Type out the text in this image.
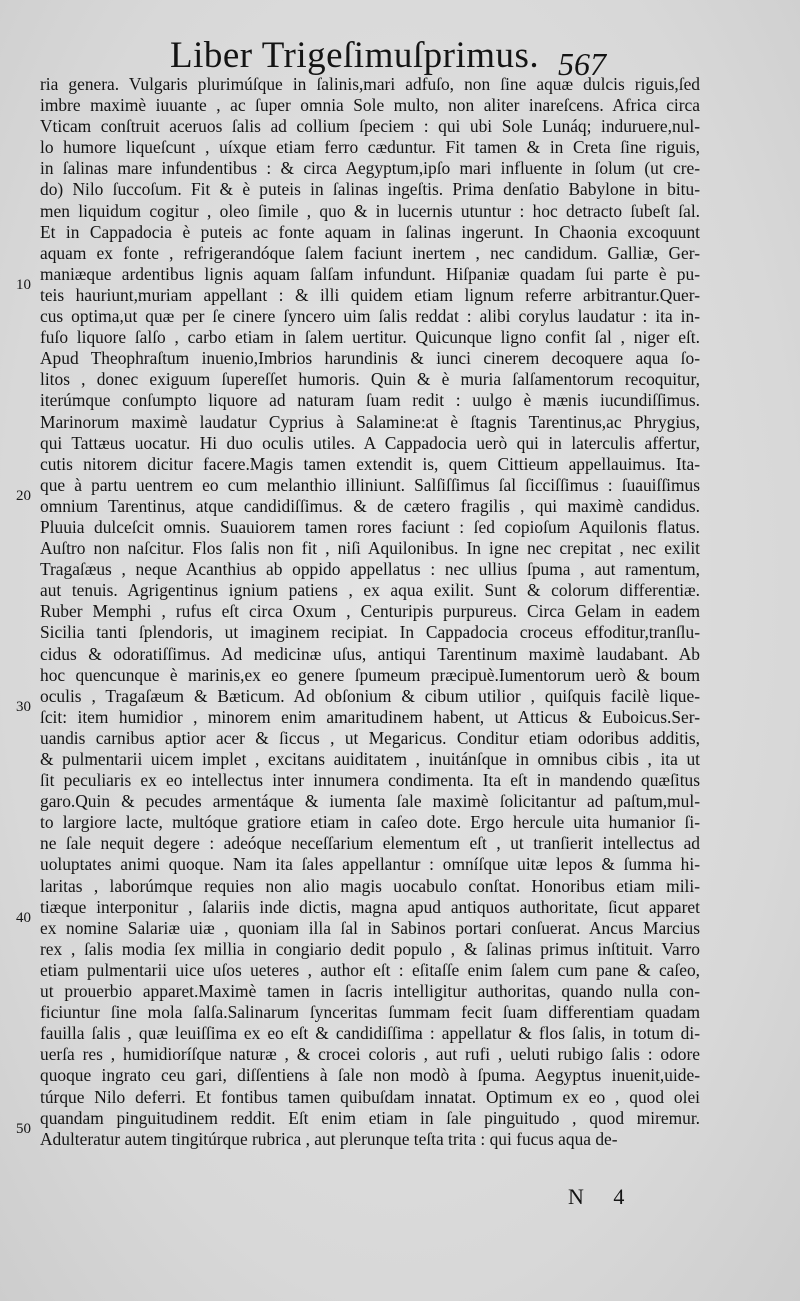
Liber Trigeſimuſprimus. 567
10
20
30
40
50
ria genera. Vulgaris plurimúſque in ſalinis,mari adfuſo, non ſine aquæ dulcis riguis,ſed
imbre maximè iuuante , ac ſuper omnia Sole multo, non aliter inareſcens. Africa circa
Vticam conſtruit aceruos ſalis ad collium ſpeciem : qui ubi Sole Lunáq; induruere,nul-
lo humore liqueſcunt , uíxque etiam ferro cæduntur. Fit tamen & in Creta ſine riguis,
in ſalinas mare infundentibus : & circa Aegyptum,ipſo mari influente in ſolum (ut cre-
do) Nilo ſuccoſum. Fit & è puteis in ſalinas ingeſtis. Prima denſatio Babylone in bitu-
men liquidum cogitur , oleo ſimile , quo & in lucernis utuntur : hoc detracto ſubeſt ſal.
Et in Cappadocia è puteis ac fonte aquam in ſalinas ingerunt. In Chaonia excoquunt
aquam ex fonte , refrigerandóque ſalem faciunt inertem , nec candidum. Galliæ, Ger-
maniæque ardentibus lignis aquam ſalſam infundunt. Hiſpaniæ quadam ſui parte è pu-
teis hauriunt,muriam appellant : & illi quidem etiam lignum referre arbitrantur.Quer-
cus optima,ut quæ per ſe cinere ſyncero uim ſalis reddat : alibi corylus laudatur : ita in-
fuſo liquore ſalſo , carbo etiam in ſalem uertitur. Quicunque ligno confit ſal , niger eſt.
Apud Theophraſtum inuenio,Imbrios harundinis & iunci cinerem decoquere aqua ſo-
litos , donec exiguum ſupereſſet humoris. Quin & è muria ſalſamentorum recoquitur,
iterúmque conſumpto liquore ad naturam ſuam redit : uulgo è mænis iucundiſſimus.
Marinorum maximè laudatur Cyprius à Salamine:at è ſtagnis Tarentinus,ac Phrygius,
qui Tattæus uocatur. Hi duo oculis utiles. A Cappadocia uerò qui in laterculis affertur,
cutis nitorem dicitur facere.Magis tamen extendit is, quem Cittieum appellauimus. Ita-
que à partu uentrem eo cum melanthio illiniunt. Salſiſſimus ſal ſicciſſimus : ſuauiſſimus
omnium Tarentinus, atque candidiſſimus. & de cætero fragilis , qui maximè candidus.
Pluuia dulceſcit omnis. Suauiorem tamen rores faciunt : ſed copioſum Aquilonis flatus.
Auſtro non naſcitur. Flos ſalis non fit , niſi Aquilonibus. In igne nec crepitat , nec exilit
Tragaſæus , neque Acanthius ab oppido appellatus : nec ullius ſpuma , aut ramentum,
aut tenuis. Agrigentinus ignium patiens , ex aqua exilit. Sunt & colorum differentiæ.
Ruber Memphi , rufus eſt circa Oxum , Centuripis purpureus. Circa Gelam in eadem
Sicilia tanti ſplendoris, ut imaginem recipiat. In Cappadocia croceus effoditur,tranſlu-
cidus & odoratiſſimus. Ad medicinæ uſus, antiqui Tarentinum maximè laudabant. Ab
hoc quencunque è marinis,ex eo genere ſpumeum præcipuè.Iumentorum uerò & boum
oculis , Tragaſæum & Bæticum. Ad obſonium & cibum utilior , quiſquis facilè lique-
ſcit: item humidior , minorem enim amaritudinem habent, ut Atticus & Euboicus.Ser-
uandis carnibus aptior acer & ſiccus , ut Megaricus. Conditur etiam odoribus additis,
& pulmentarii uicem implet , excitans auiditatem , inuitánſque in omnibus cibis , ita ut
ſit peculiaris ex eo intellectus inter innumera condimenta. Ita eſt in mandendo quæſitus
garo.Quin & pecudes armentáque & iumenta ſale maximè ſolicitantur ad paſtum,mul-
to largiore lacte, multóque gratiore etiam in caſeo dote. Ergo hercule uita humanior ſi-
ne ſale nequit degere : adeóque neceſſarium elementum eſt , ut tranſierit intellectus ad
uoluptates animi quoque. Nam ita ſales appellantur : omníſque uitæ lepos & ſumma hi-
laritas , laborúmque requies non alio magis uocabulo conſtat. Honoribus etiam mili-
tiæque interponitur , ſalariis inde dictis, magna apud antiquos authoritate, ſicut apparet
ex nomine Salariæ uiæ , quoniam illa ſal in Sabinos portari conſuerat. Ancus Marcius
rex , ſalis modia ſex millia in congiario dedit populo , & ſalinas primus inſtituit. Varro
etiam pulmentarii uice uſos ueteres , author eſt : eſitaſſe enim ſalem cum pane & caſeo,
ut prouerbio apparet.Maximè tamen in ſacris intelligitur authoritas, quando nulla con-
ficiuntur ſine mola ſalſa.Salinarum ſynceritas ſummam fecit ſuam differentiam quadam
fauilla ſalis , quæ leuiſſima ex eo eſt & candidiſſima : appellatur & flos ſalis, in totum di-
uerſa res , humidioríſque naturæ , & crocei coloris , aut rufi , ueluti rubigo ſalis : odore
quoque ingrato ceu gari, diſſentiens à ſale non modò à ſpuma. Aegyptus inuenit,uide-
túrque Nilo deferri. Et fontibus tamen quibuſdam innatat. Optimum ex eo , quod olei
quandam pinguitudinem reddit. Eſt enim etiam in ſale pinguitudo , quod miremur.
Adulteratur autem tingitúrque rubrica , aut plerunque teſta trita : qui fucus aqua de-
N 4
